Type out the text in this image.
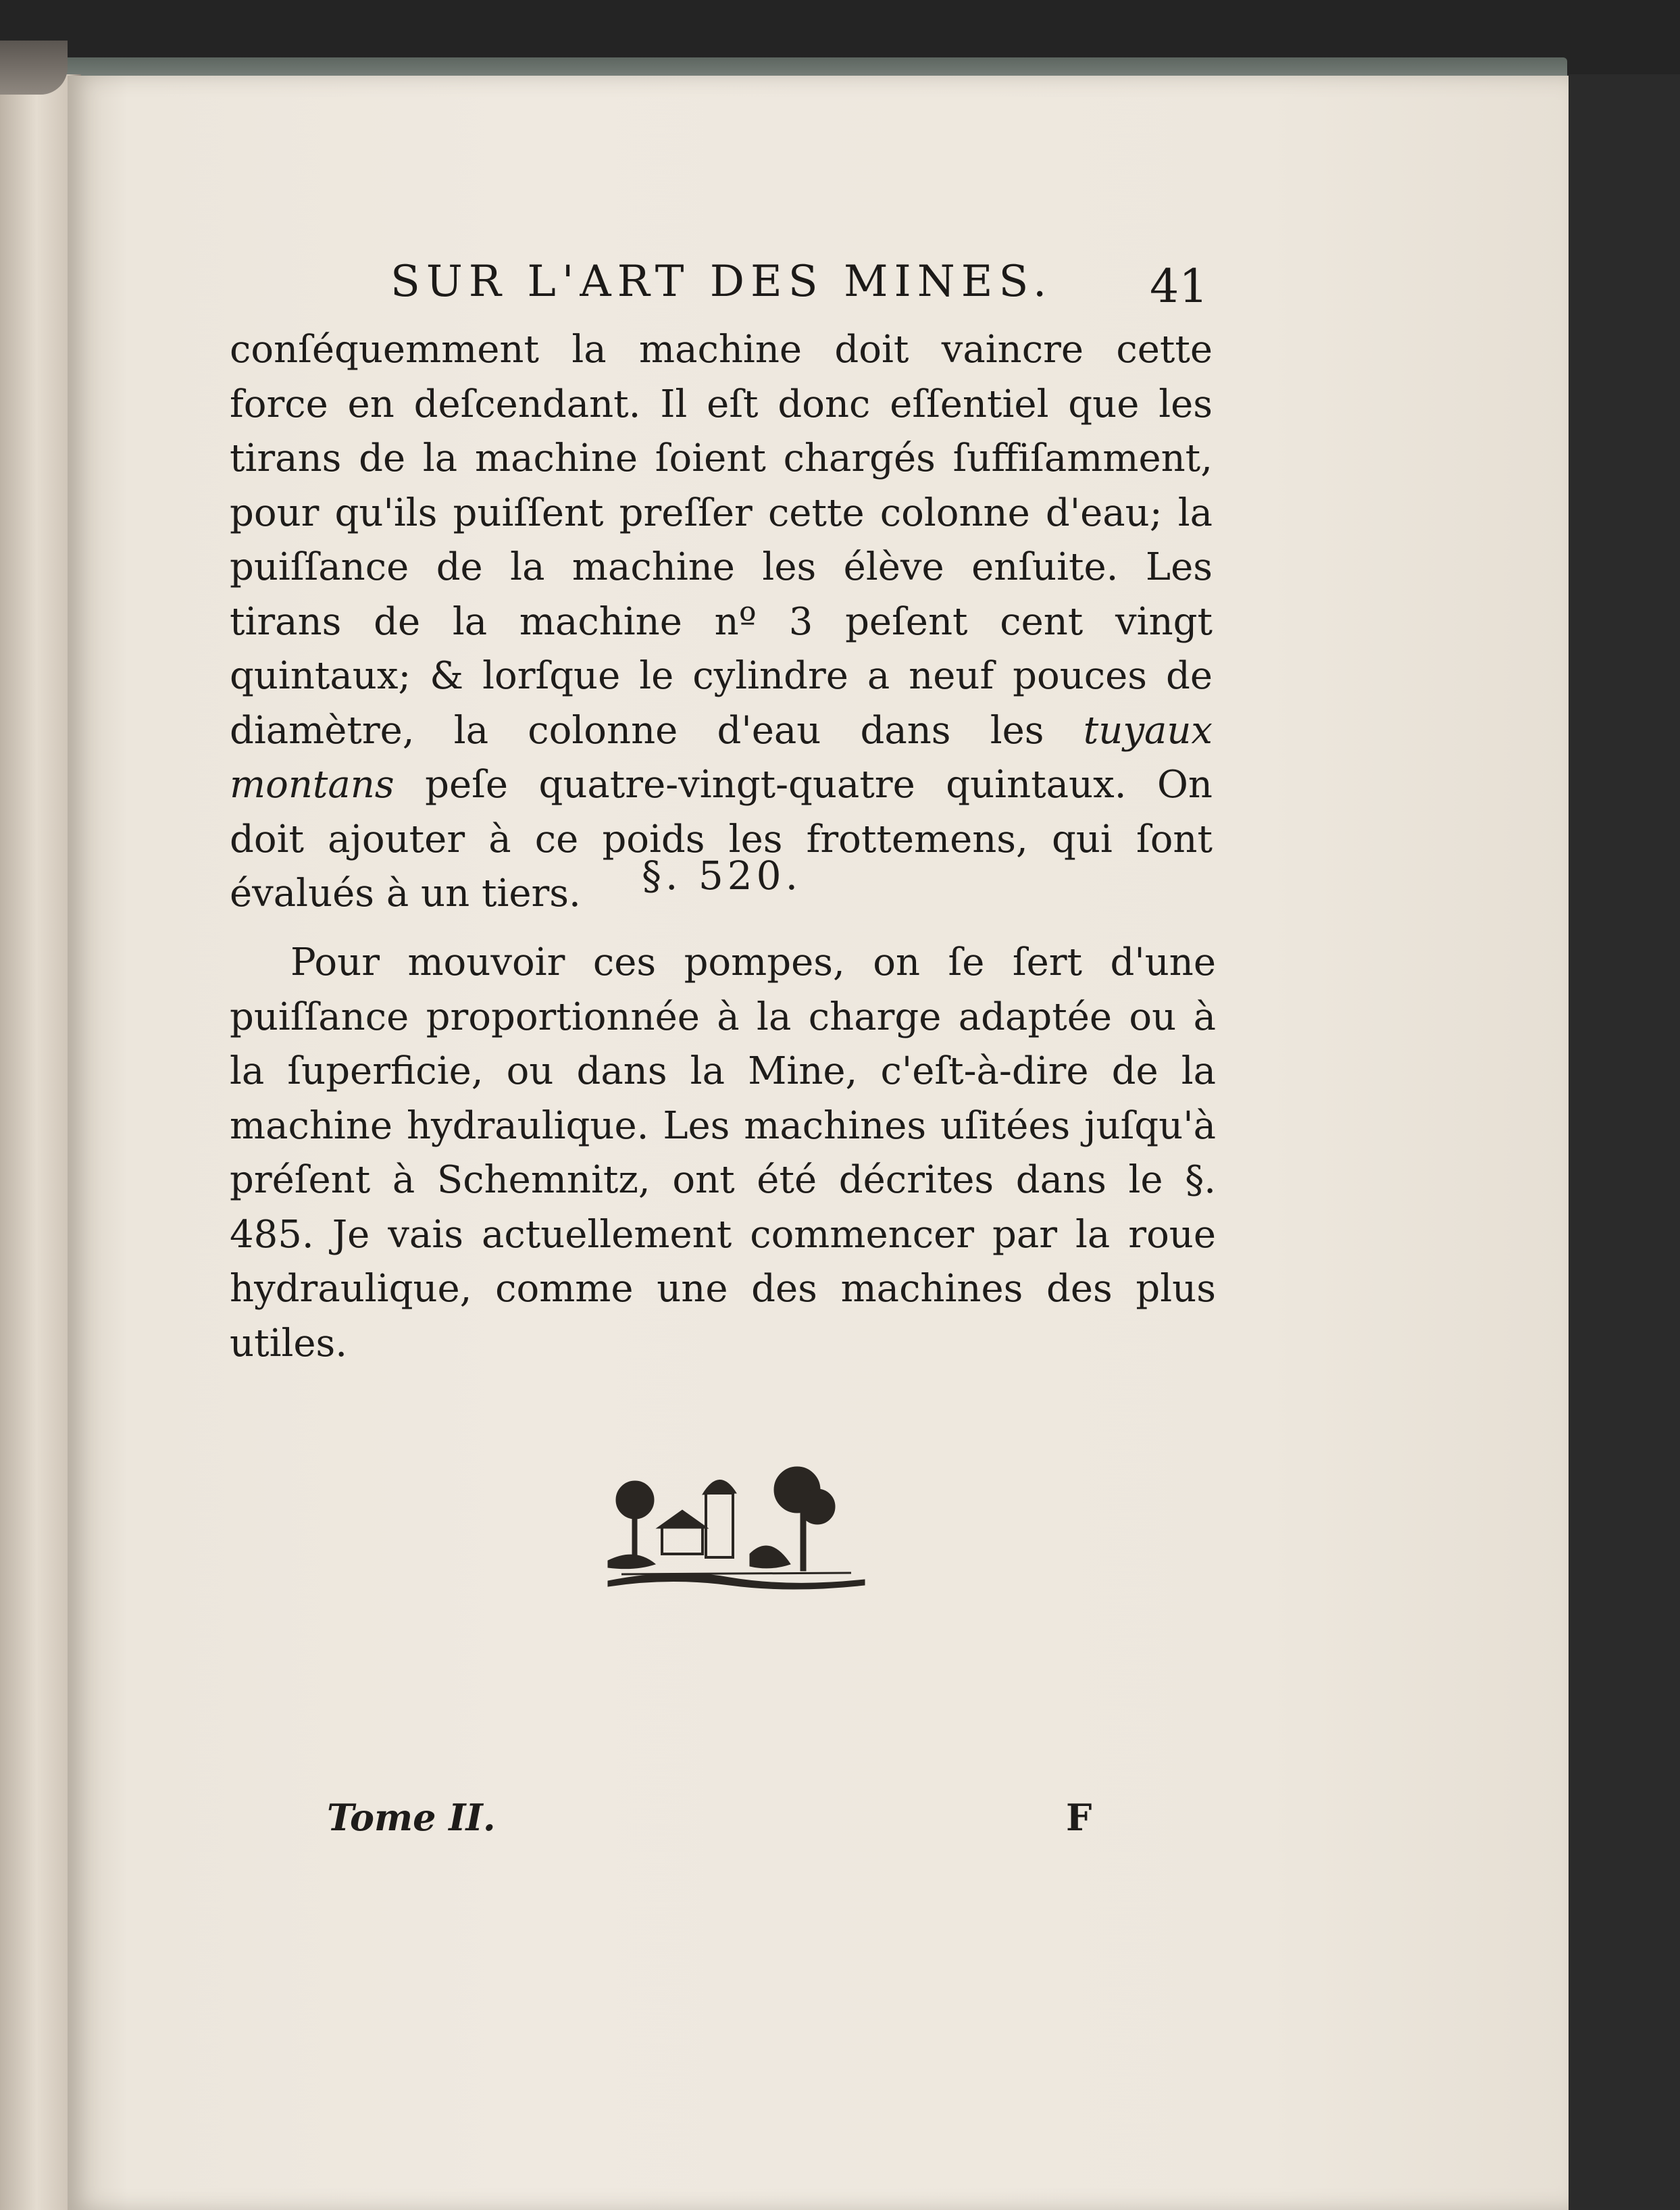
SUR L'ART DES MINES.	41

conſéquemment la machine doit vaincre cette force en deſcendant. Il eſt donc eſſentiel que les tirans de la machine ſoient chargés ſuffiſamment, pour qu'ils puiſſent preſſer cette colonne d'eau; la puiſſance de la machine les élève enſuite. Les tirans de la machine nº 3 peſent cent vingt quintaux; & lorſque le cylindre a neuf pouces de diamètre, la colonne d'eau dans les tuyaux montans peſe quatre-vingt-quatre quintaux. On doit ajouter à ce poids les frottemens, qui ſont évalués à un tiers.	§. 520.

Pour mouvoir ces pompes, on ſe ſert d'une puiſſance proportionnée à la charge adaptée ou à la ſuperficie, ou dans la Mine, c'eſt-à-dire de la machine hydraulique. Les machines uſitées juſqu'à préſent à Schemnitz, ont été décrites dans le §. 485. Je vais actuellement commencer par la roue hydraulique, comme une des machines des plus utiles.

Tome II.	F
